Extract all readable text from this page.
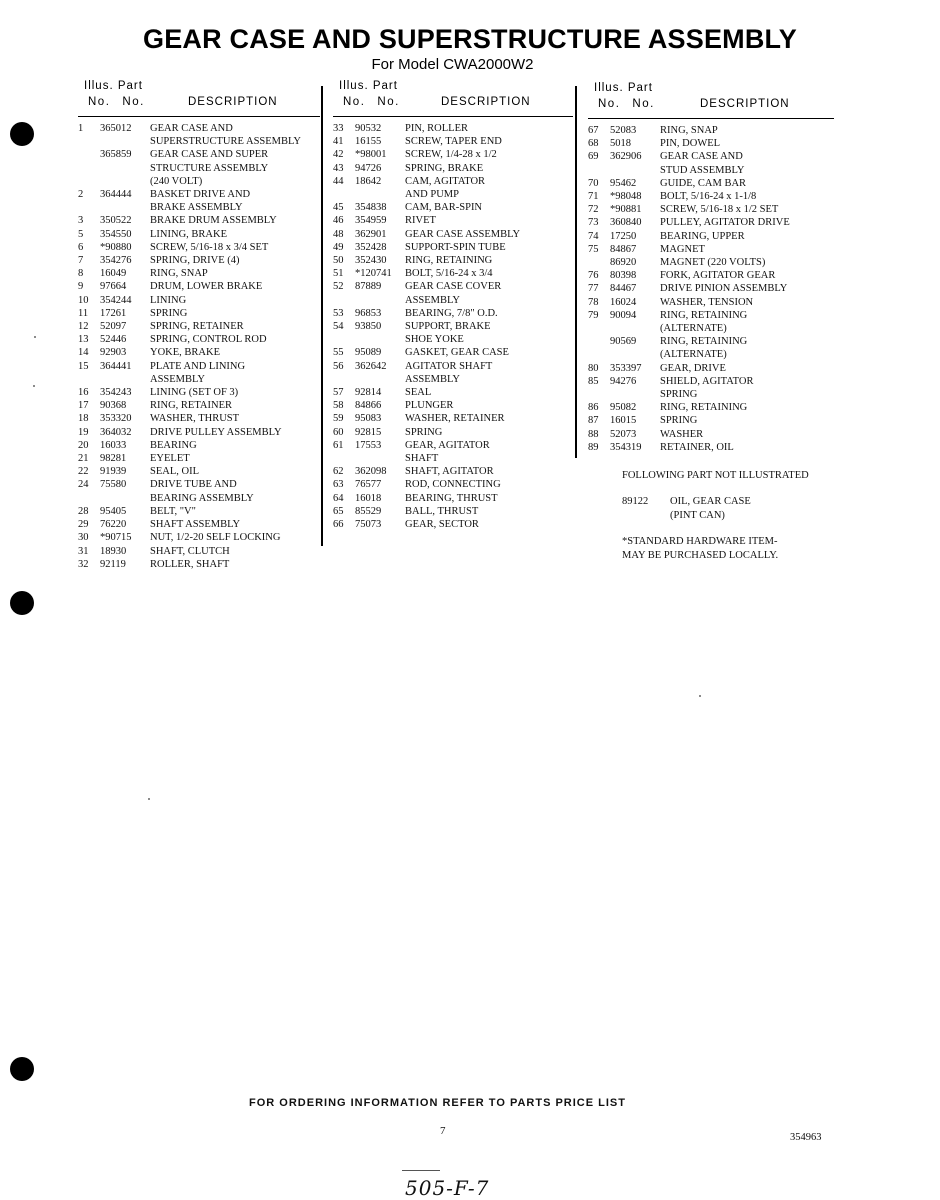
GEAR CASE AND SUPERSTRUCTURE ASSEMBLY
For Model CWA2000W2
Illus. Part
No. No.	DESCRIPTION
1	365012	GEAR CASE AND
SUPERSTRUCTURE ASSEMBLY
365859	GEAR CASE AND SUPER
STRUCTURE ASSEMBLY
(240 VOLT)
2	364444	BASKET DRIVE AND
BRAKE ASSEMBLY
3	350522	BRAKE DRUM ASSEMBLY
5	354550	LINING, BRAKE
6	*90880	SCREW, 5/16-18 x 3/4 SET
7	354276	SPRING, DRIVE (4)
8	16049	RING, SNAP
9	97664	DRUM, LOWER BRAKE
10	354244	LINING
11	17261	SPRING
12	52097	SPRING, RETAINER
13	52446	SPRING, CONTROL ROD
14	92903	YOKE, BRAKE
15	364441	PLATE AND LINING
ASSEMBLY
16	354243	LINING (SET OF 3)
17	90368	RING, RETAINER
18	353320	WASHER, THRUST
19	364032	DRIVE PULLEY ASSEMBLY
20	16033	BEARING
21	98281	EYELET
22	91939	SEAL, OIL
24	75580	DRIVE TUBE AND
BEARING ASSEMBLY
28	95405	BELT, "V"
29	76220	SHAFT ASSEMBLY
30	*90715	NUT, 1/2-20 SELF LOCKING
31	18930	SHAFT, CLUTCH
32	92119	ROLLER, SHAFT
Illus. Part
No. No.	DESCRIPTION
33	90532	PIN, ROLLER
41	16155	SCREW, TAPER END
42	*98001	SCREW, 1/4-28 x 1/2
43	94726	SPRING, BRAKE
44	18642	CAM, AGITATOR
AND PUMP
45	354838	CAM, BAR-SPIN
46	354959	RIVET
48	362901	GEAR CASE ASSEMBLY
49	352428	SUPPORT-SPIN TUBE
50	352430	RING, RETAINING
51	*120741	BOLT, 5/16-24 x 3/4
52	87889	GEAR CASE COVER
ASSEMBLY
53	96853	BEARING, 7/8" O.D.
54	93850	SUPPORT, BRAKE
SHOE YOKE
55	95089	GASKET, GEAR CASE
56	362642	AGITATOR SHAFT
ASSEMBLY
57	92814	SEAL
58	84866	PLUNGER
59	95083	WASHER, RETAINER
60	92815	SPRING
61	17553	GEAR, AGITATOR
SHAFT
62	362098	SHAFT, AGITATOR
63	76577	ROD, CONNECTING
64	16018	BEARING, THRUST
65	85529	BALL, THRUST
66	75073	GEAR, SECTOR
Illus. Part
No. No.	DESCRIPTION
67	52083	RING, SNAP
68	5018	PIN, DOWEL
69	362906	GEAR CASE AND
STUD ASSEMBLY
70	95462	GUIDE, CAM BAR
71	*98048	BOLT, 5/16-24 x 1-1/8
72	*90881	SCREW, 5/16-18 x 1/2 SET
73	360840	PULLEY, AGITATOR DRIVE
74	17250	BEARING, UPPER
75	84867	MAGNET
86920	MAGNET (220 VOLTS)
76	80398	FORK, AGITATOR GEAR
77	84467	DRIVE PINION ASSEMBLY
78	16024	WASHER, TENSION
79	90094	RING, RETAINING
(ALTERNATE)
90569	RING, RETAINING
(ALTERNATE)
80	353397	GEAR, DRIVE
85	94276	SHIELD, AGITATOR
SPRING
86	95082	RING, RETAINING
87	16015	SPRING
88	52073	WASHER
89	354319	RETAINER, OIL
FOLLOWING PART NOT ILLUSTRATED
89122 OIL, GEAR CASE
(PINT CAN)
*STANDARD HARDWARE ITEM-
MAY BE PURCHASED LOCALLY.
FOR ORDERING INFORMATION REFER TO PARTS PRICE LIST
7
354963
505-F-7
